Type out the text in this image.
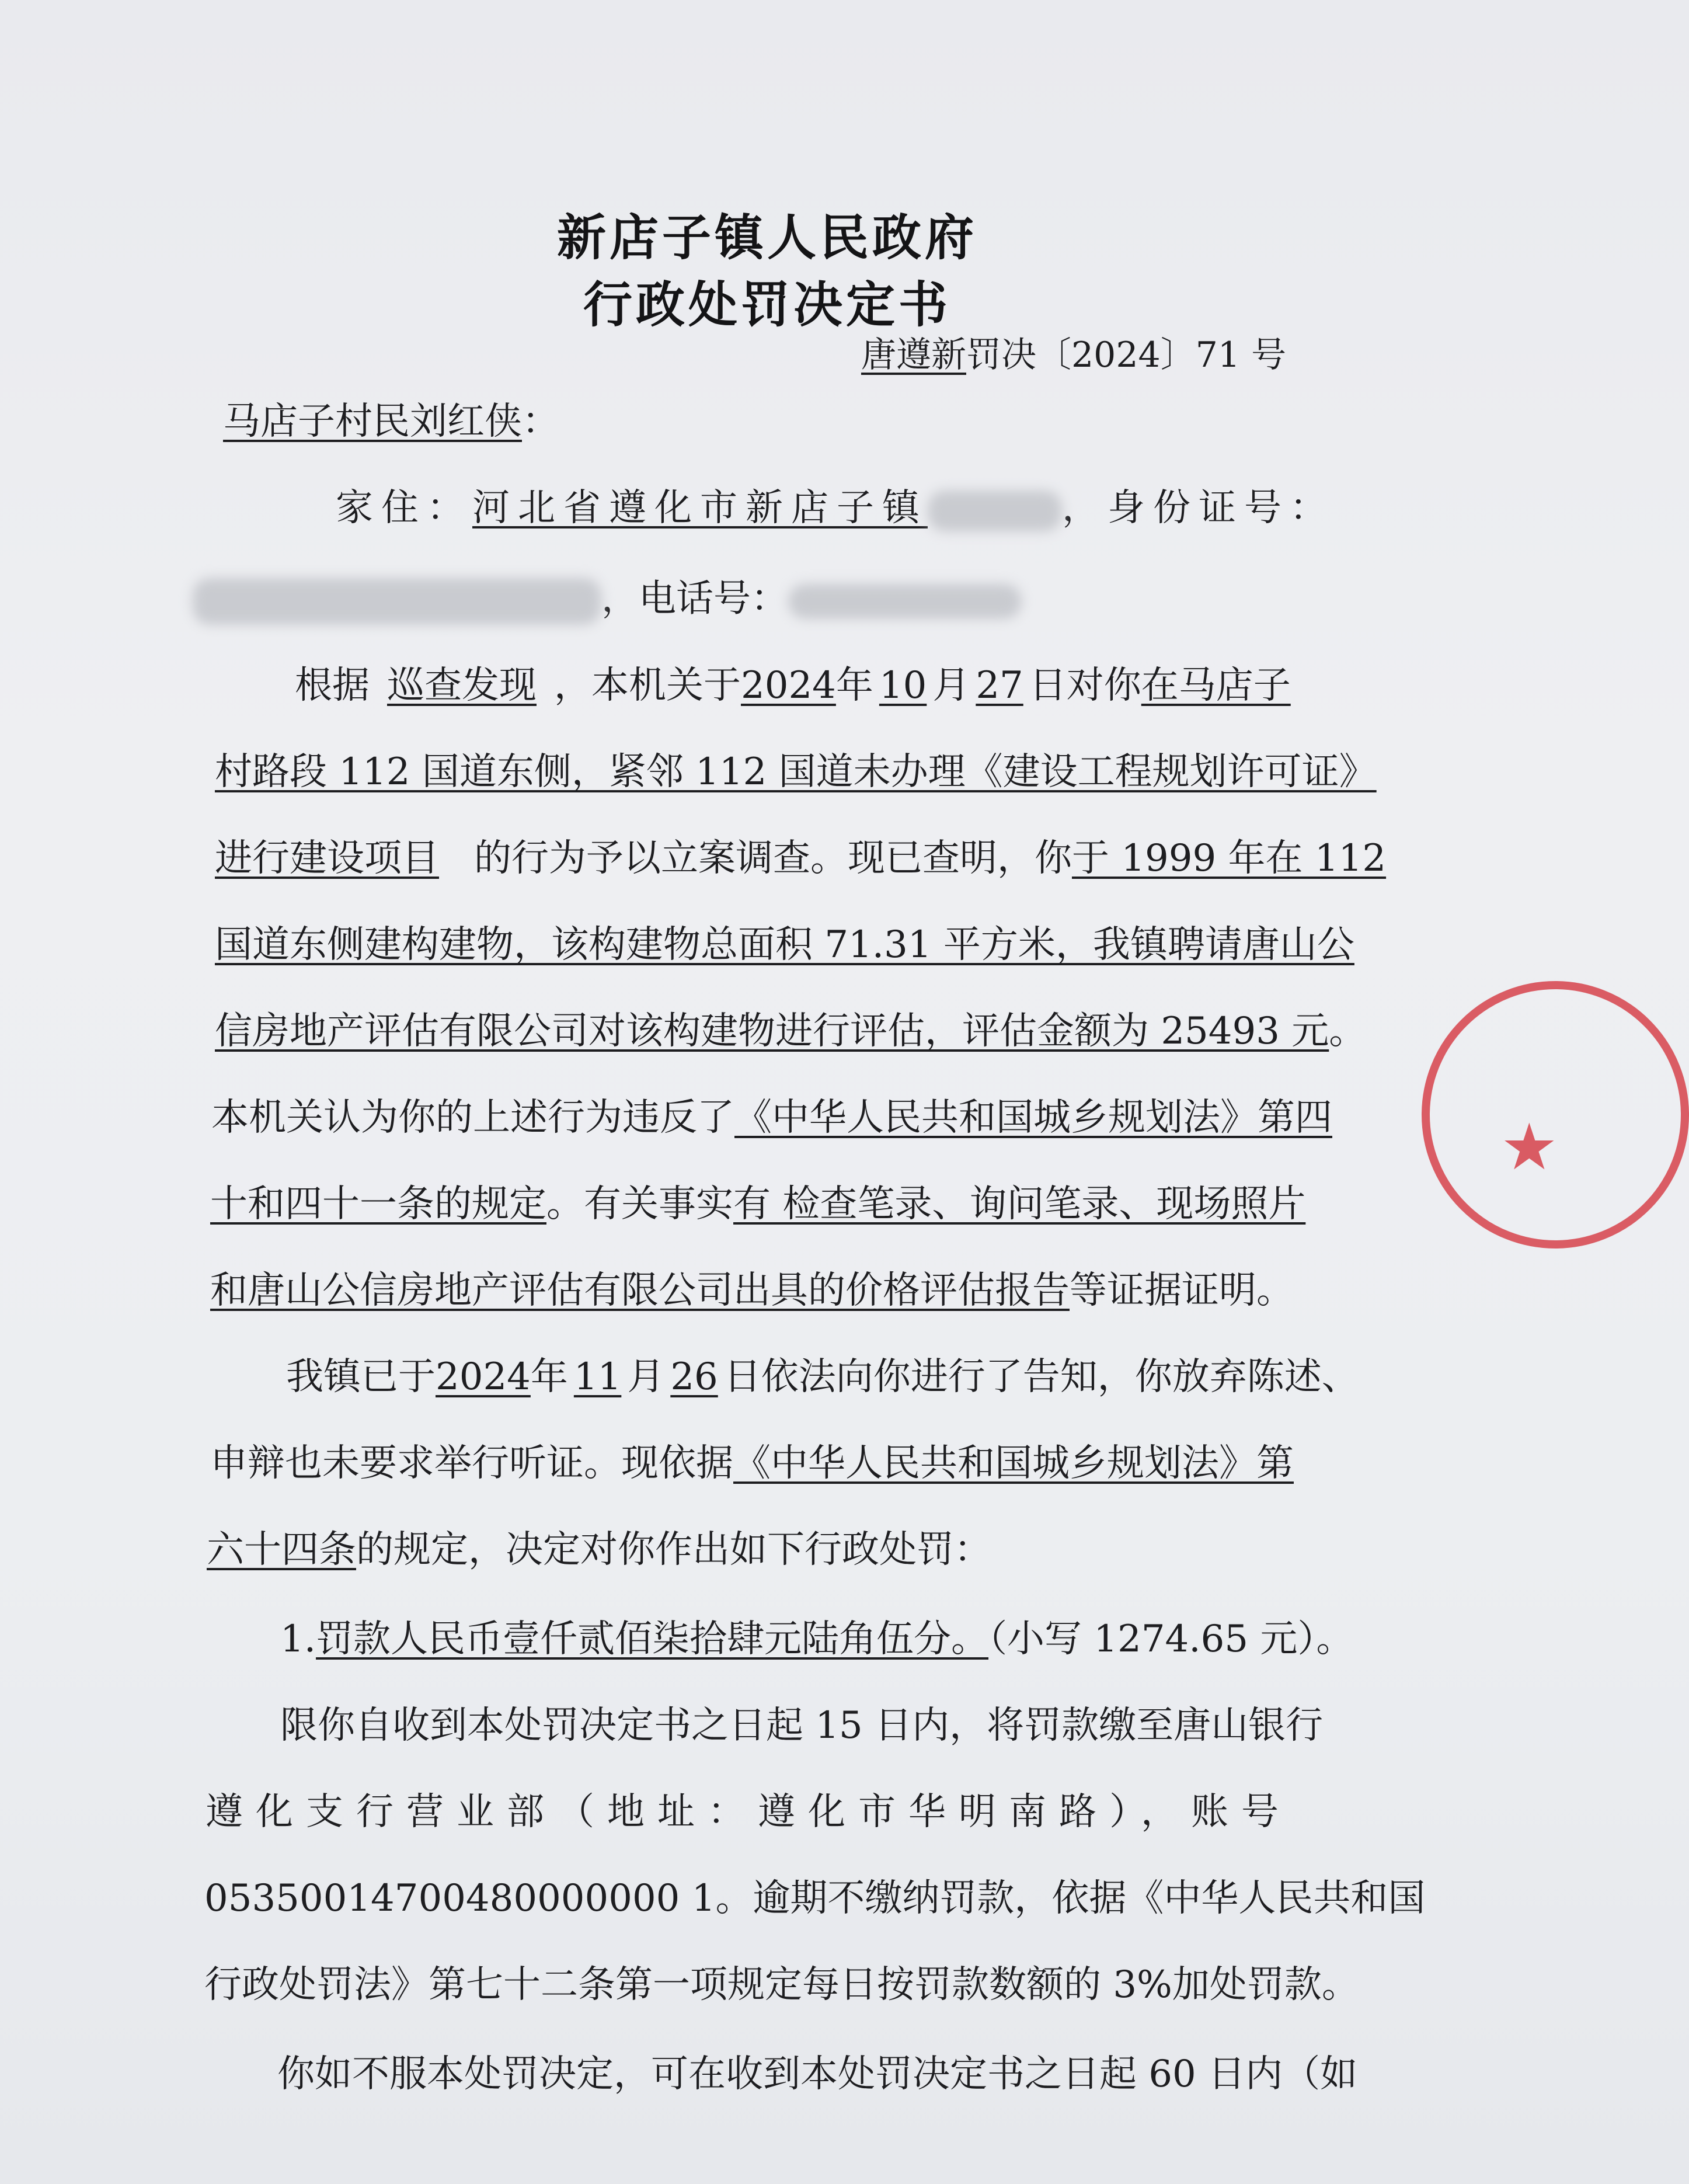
新店子镇人民政府
行政处罚决定书
唐遵新罚决〔2024〕71 号
马店子村民刘红侠：
家住：河北省遵化市新店子镇	，身份证号：
，电话号：
根据 巡查发现 ，本机关于2024年 10 月 27 日对你在马店子
村路段 112 国道东侧，紧邻 112 国道未办理《建设工程规划许可证》
进行建设项目 的行为予以立案调查。现已查明，你于 1999 年在 112
国道东侧建构建物，该构建物总面积 71.31 平方米，我镇聘请唐山公
信房地产评估有限公司对该构建物进行评估，评估金额为 25493 元。
本机关认为你的上述行为违反了《中华人民共和国城乡规划法》第四
十和四十一条的规定。有关事实有 检查笔录、询问笔录、现场照片
和唐山公信房地产评估有限公司出具的价格评估报告等证据证明。
我镇已于2024年 11 月 26 日依法向你进行了告知，你放弃陈述、
申辩也未要求举行听证。现依据《中华人民共和国城乡规划法》第
六十四条的规定，决定对你作出如下行政处罚：
1.罚款人民币壹仟贰佰柒拾肆元陆角伍分。（小写 1274.65 元）。
限你自收到本处罚决定书之日起 15 日内，将罚款缴至唐山银行
遵化支行营业部（地址：遵化市华明南路），账号
05350014700480000000 1。逾期不缴纳罚款，依据《中华人民共和国
行政处罚法》第七十二条第一项规定每日按罚款数额的 3%加处罚款。
你如不服本处罚决定，可在收到本处罚决定书之日起 60 日内（如
★
